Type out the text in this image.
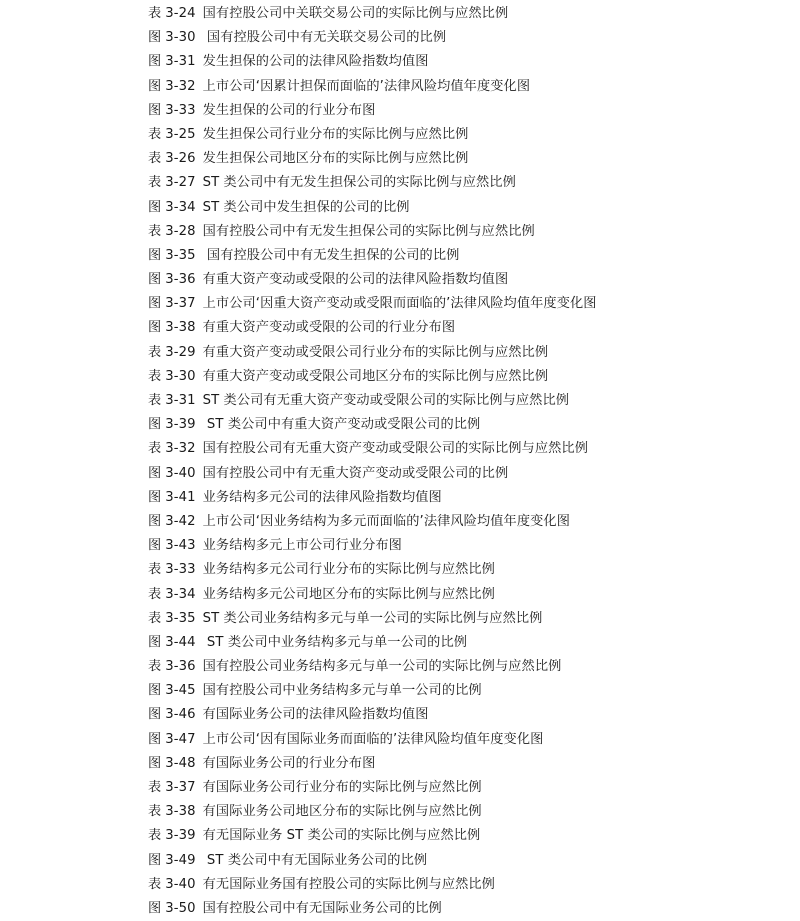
表 3-24 国有控股公司中关联交易公司的实际比例与应然比例
图 3-30 国有控股公司中有无关联交易公司的比例
图 3-31 发生担保的公司的法律风险指数均值图
图 3-32 上市公司‘因累计担保而面临的’法律风险均值年度变化图
图 3-33 发生担保的公司的行业分布图
表 3-25 发生担保公司行业分布的实际比例与应然比例
表 3-26 发生担保公司地区分布的实际比例与应然比例
表 3-27 ST 类公司中有无发生担保公司的实际比例与应然比例
图 3-34 ST 类公司中发生担保的公司的比例
表 3-28 国有控股公司中有无发生担保公司的实际比例与应然比例
图 3-35 国有控股公司中有无发生担保的公司的比例
图 3-36 有重大资产变动或受限的公司的法律风险指数均值图
图 3-37 上市公司‘因重大资产变动或受限而面临的’法律风险均值年度变化图
图 3-38 有重大资产变动或受限的公司的行业分布图
表 3-29 有重大资产变动或受限公司行业分布的实际比例与应然比例
表 3-30 有重大资产变动或受限公司地区分布的实际比例与应然比例
表 3-31 ST 类公司有无重大资产变动或受限公司的实际比例与应然比例
图 3-39 ST 类公司中有重大资产变动或受限公司的比例
表 3-32 国有控股公司有无重大资产变动或受限公司的实际比例与应然比例
图 3-40 国有控股公司中有无重大资产变动或受限公司的比例
图 3-41 业务结构多元公司的法律风险指数均值图
图 3-42 上市公司‘因业务结构为多元而面临的’法律风险均值年度变化图
图 3-43 业务结构多元上市公司行业分布图
表 3-33 业务结构多元公司行业分布的实际比例与应然比例
表 3-34 业务结构多元公司地区分布的实际比例与应然比例
表 3-35 ST 类公司业务结构多元与单一公司的实际比例与应然比例
图 3-44 ST 类公司中业务结构多元与单一公司的比例
表 3-36 国有控股公司业务结构多元与单一公司的实际比例与应然比例
图 3-45 国有控股公司中业务结构多元与单一公司的比例
图 3-46 有国际业务公司的法律风险指数均值图
图 3-47 上市公司‘因有国际业务而面临的’法律风险均值年度变化图
图 3-48 有国际业务公司的行业分布图
表 3-37 有国际业务公司行业分布的实际比例与应然比例
表 3-38 有国际业务公司地区分布的实际比例与应然比例
表 3-39 有无国际业务 ST 类公司的实际比例与应然比例
图 3-49 ST 类公司中有无国际业务公司的比例
表 3-40 有无国际业务国有控股公司的实际比例与应然比例
图 3-50 国有控股公司中有无国际业务公司的比例
